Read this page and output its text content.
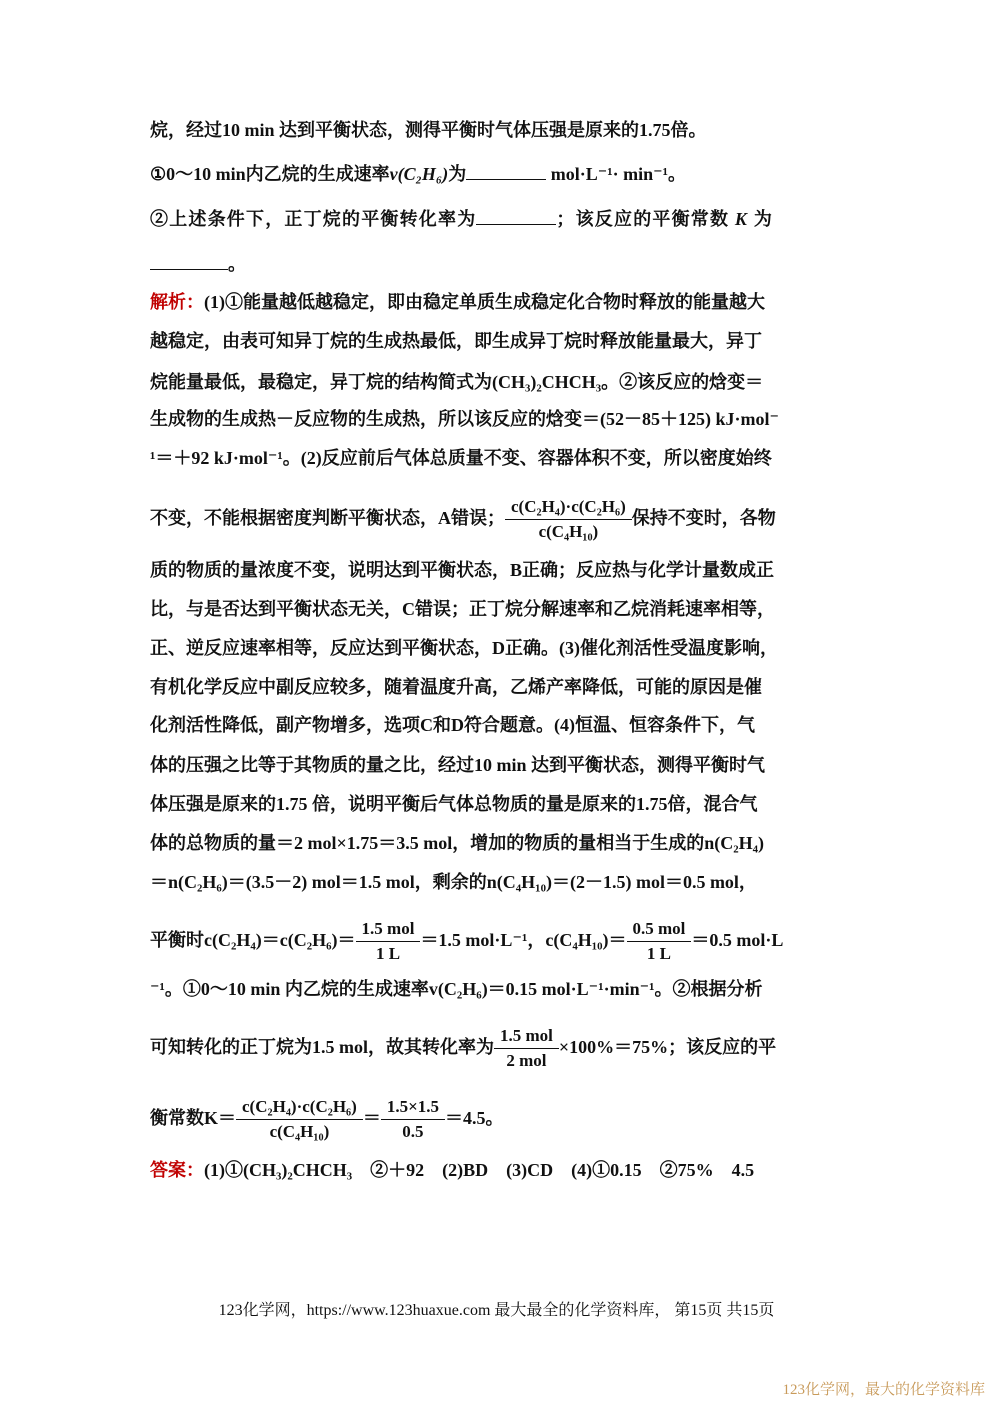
烷，经过10 min 达到平衡状态，测得平衡时气体压强是原来的1.75倍。
①0～10 min内乙烷的生成速率v(C₂H₆)为	mol·L⁻¹· min⁻¹。
②上述条件下，正丁烷的平衡转化率为	；该反应的平衡常数 K 为
。
解析：(1)①能量越低越稳定，即由稳定单质生成稳定化合物时释放的能量越大
越稳定，由表可知异丁烷的生成热最低，即生成异丁烷时释放能量最大，异丁
烷能量最低，最稳定，异丁烷的结构简式为(CH₃)₂CHCH₃。②该反应的焓变＝
生成物的生成热－反应物的生成热，所以该反应的焓变＝(52－85＋125) kJ·mol⁻
¹＝＋92 kJ·mol⁻¹。(2)反应前后气体总质量不变、容器体积不变，所以密度始终
不变，不能根据密度判断平衡状态，A错误； $\frac{\text{c(C₂H₄)·c(C₂H₆)}}{\text{c(C₄H₁₀)}}$ 保持不变时，各物
质的物质的量浓度不变，说明达到平衡状态，B正确；反应热与化学计量数成正
比，与是否达到平衡状态无关，C错误；正丁烷分解速率和乙烷消耗速率相等，
正、逆反应速率相等，反应达到平衡状态，D正确。(3)催化剂活性受温度影响，
有机化学反应中副反应较多，随着温度升高，乙烯产率降低，可能的原因是催
化剂活性降低，副产物增多，选项C和D符合题意。(4)恒温、恒容条件下，气
体的压强之比等于其物质的量之比，经过10 min 达到平衡状态，测得平衡时气
体压强是原来的1.75 倍，说明平衡后气体总物质的量是原来的1.75倍，混合气
体的总物质的量＝2 mol×1.75＝3.5 mol，增加的物质的量相当于生成的n(C₂H₄)
＝n(C₂H₆)＝(3.5－2) mol＝1.5 mol，剩余的n(C₄H₁₀)＝(2－1.5) mol＝0.5 mol，
平衡时$c(C_2H_4)=c(C_2H_6)= \frac{\text{1.5 mol}}{1 L} =1.5$ mol·L⁻¹，$c(C_4H_{10})= \frac{\text{0.5 mol}}{1 L} =0.5$ mol·L
⁻¹。①0～10 min 内乙烷的生成速率v(C₂H₆)＝0.15 mol·L⁻¹·min⁻¹。②根据分析
可知转化的正丁烷为1.5 mol，故其转化率为 $\frac{\text{1.5 mol}}{\text{2 mol}} \times 100\%=75\%$；该反应的平
衡常数$K= \frac{\text{c(C₂H₄)·c(C₂H₆)}}{\text{c(C₄H₁₀)}} = \frac{1.5\times 1.5}{0.5} =4.5$。
答案：(1)①(CH₃)₂CHCH₃　②＋92　(2)BD　(3)CD　(4)①0.15　②75%　4.5
123化学网，https://www.123huaxue.com 最大最全的化学资料库， 第15页 共15页
123化学网，最大的化学资料库
